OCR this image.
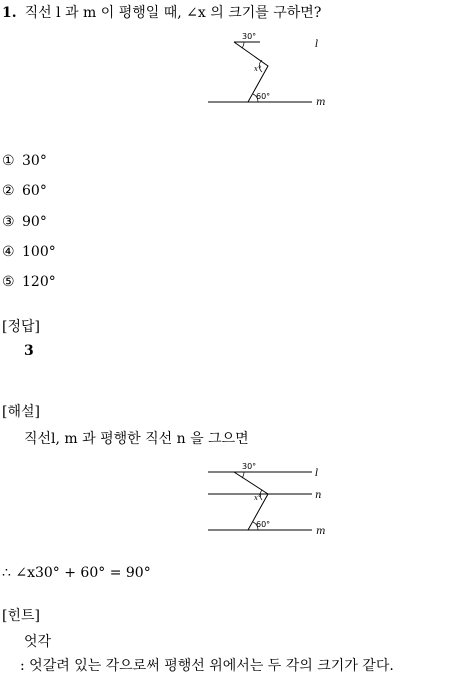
1. 직선 l 과 m 이 평행일 때, ∠x 의 크기를 구하면?
30°
x°
60°
l
m
① 30°
② 60°
③ 90°
④ 100°
⑤ 120°
[정답]
3
[해설]
직선l, m 과 평행한 직선 n 을 그으면
30°
x°
60°
l
n
m
∴ ∠x30° + 60° = 90°
[힌트]
엇각
: 엇갈려 있는 각으로써 평행선 위에서는 두 각의 크기가 같다.
